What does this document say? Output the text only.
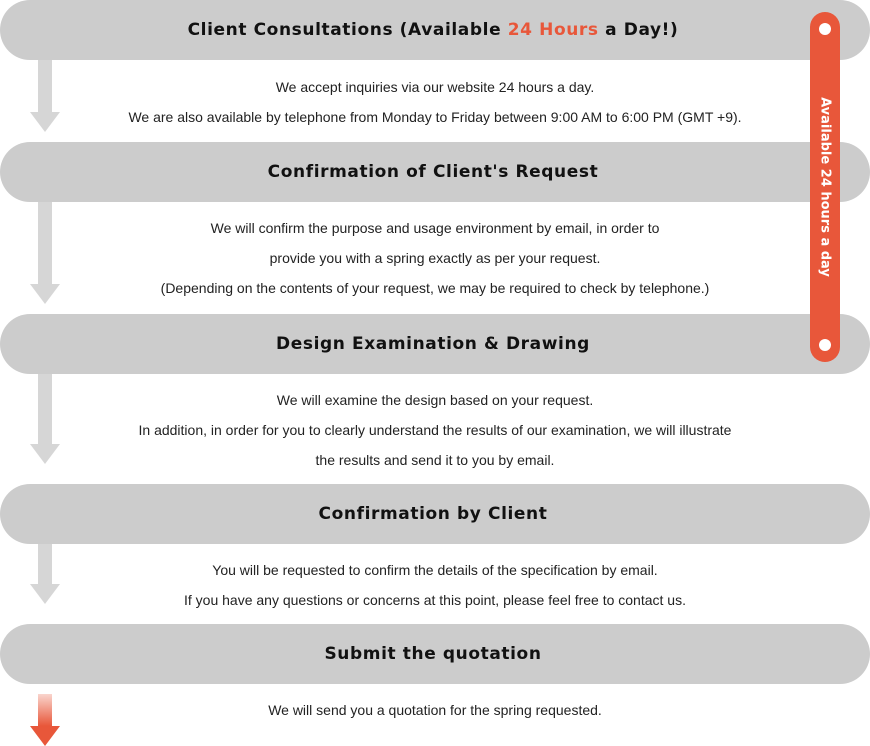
Client Consultations (Available 24 Hours a Day!)

We accept inquiries via our website 24 hours a day.

We are also available by telephone from Monday to Friday between 9:00 AM to 6:00 PM (GMT +9).

Confirmation of Client's Request

We will confirm the purpose and usage environment by email, in order to

provide you with a spring exactly as per your request.

(Depending on the contents of your request, we may be required to check by telephone.)

Design Examination & Drawing

We will examine the design based on your request.

In addition, in order for you to clearly understand the results of our examination, we will illustrate

the results and send it to you by email.

Confirmation by Client

You will be requested to confirm the details of the specification by email.

If you have any questions or concerns at this point, please feel free to contact us.

Submit the quotation

We will send you a quotation for the spring requested.

Available 24 hours a day
